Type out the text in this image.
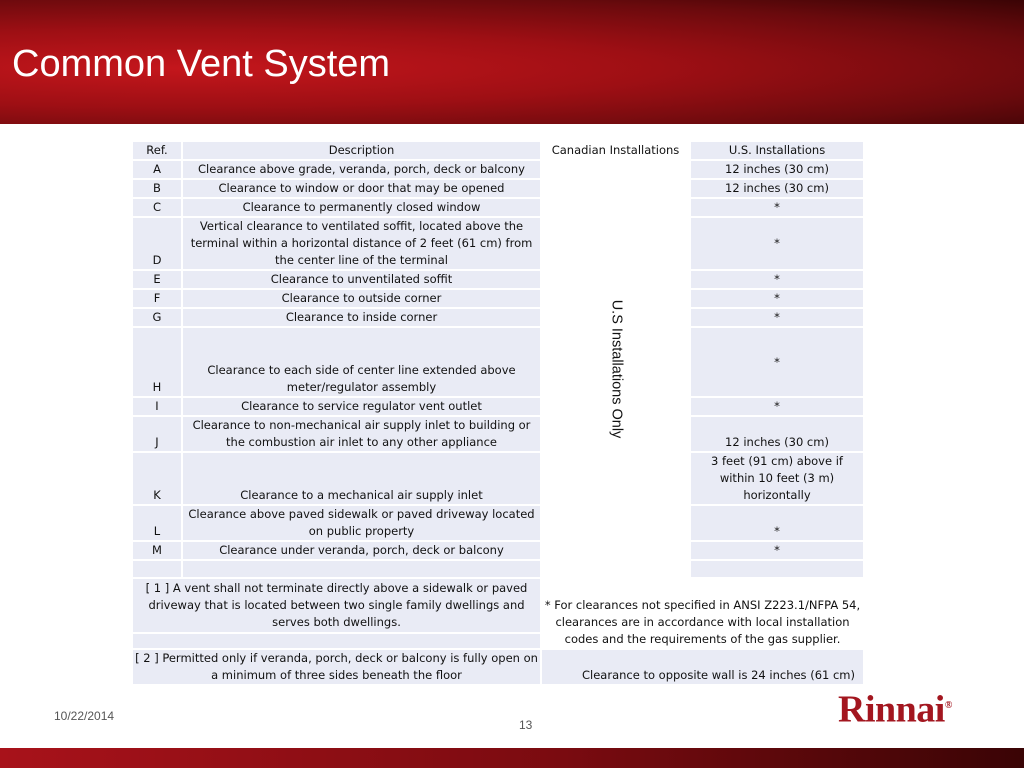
Common Vent System
Ref.	Description	Canadian Installations	U.S. Installations
A	Clearance above grade, veranda, porch, deck or balcony	U.S Installations Only	12 inches (30 cm)
B	Clearance to window or door that may be opened		12 inches (30 cm)
C	Clearance to permanently closed window		*
D	Vertical clearance to ventilated soffit, located above the terminal within a horizontal distance of 2 feet (61 cm) from the center line of the terminal		*
E	Clearance to unventilated soffit		*
F	Clearance to outside corner		*
G	Clearance to inside corner		*
H	Clearance to each side of center line extended above meter/regulator assembly		*
I	Clearance to service regulator vent outlet		*
J	Clearance to non-mechanical air supply inlet to building or the combustion air inlet to any other appliance		12 inches (30 cm)
K	Clearance to a mechanical air supply inlet		3 feet (91 cm) above if within 10 feet (3 m) horizontally
L	Clearance above paved sidewalk or paved driveway located on public property		*
M	Clearance under veranda, porch, deck or balcony		*

[ 1 ] A vent shall not terminate directly above a sidewalk or paved driveway that is located between two single family dwellings and serves both dwellings.		* For clearances not specified in ANSI Z223.1/NFPA 54, clearances are in accordance with local installation codes and the requirements of the gas supplier.	

[ 2 ] Permitted only if veranda, porch, deck or balcony is fully open on a minimum of three sides beneath the floor		Clearance to opposite wall is 24 inches (61 cm)	
10/22/2014
13	Rinnai®
